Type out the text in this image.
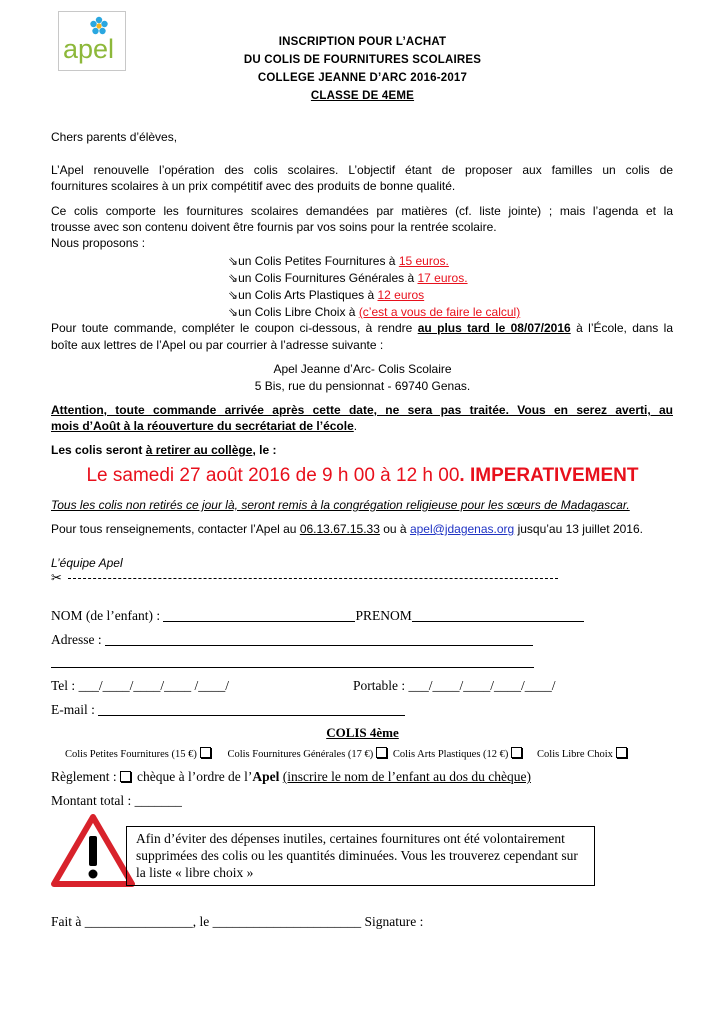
apel	INSCRIPTION POUR L’ACHAT
DU COLIS DE FOURNITURES SCOLAIRES
COLLEGE JEANNE D’ARC 2016-2017
CLASSE DE 4EME
Chers parents d’élèves,
L’Apel renouvelle l’opération des colis scolaires. L’objectif étant de proposer aux familles un colis de
fournitures scolaires à un prix compétitif avec des produits de bonne qualité.
Ce colis comporte les fournitures scolaires demandées par matières (cf. liste jointe) ; mais l’agenda et la
trousse avec son contenu doivent être fournis par vos soins pour la rentrée scolaire.
Nous proposons :
⇘un Colis Petites Fournitures à 15 euros.
⇘un Colis Fournitures Générales à 17 euros.
⇘un Colis Arts Plastiques à 12 euros
⇘un Colis Libre Choix à (c’est a vous de faire le calcul)
Pour toute commande, compléter le coupon ci-dessous, à rendre au plus tard le 08/07/2016 à l’École, dans la
boîte aux lettres de l’Apel ou par courrier à l’adresse suivante :
Apel Jeanne d’Arc- Colis Scolaire
5 Bis, rue du pensionnat - 69740 Genas.
Attention, toute commande arrivée après cette date, ne sera pas traitée. Vous en serez averti, au
mois d’Août à la réouverture du secrétariat de l’école.
Les colis seront à retirer au collège, le :
Le samedi 27 août 2016 de 9 h 00 à 12 h 00. IMPERATIVEMENT
Tous les colis non retirés ce jour là, seront remis à la congrégation religieuse pour les sœurs de Madagascar.
Pour tous renseignements, contacter l’Apel au 06.13.67.15.33 ou à apel@jdagenas.org jusqu’au 13 juillet 2016.
L’équipe Apel
✂
NOM (de l’enfant) :	PRENOM
Adresse :
Tel : ___/____/____/____ /____/	Portable : ___/____/____/____/____/
E-mail :
COLIS 4ème
Colis Petites Fournitures (15 €)	Colis Fournitures Générales (17 €) Colis Arts Plastiques (12 €)	Colis Libre Choix
Règlement : chèque à l’ordre de l’Apel (inscrire le nom de l’enfant au dos du chèque)
Montant total : _______
Afin d’éviter des dépenses inutiles, certaines fournitures ont été volontairement supprimées des colis ou les quantités diminuées. Vous les trouverez cependant sur la liste « libre choix »
Fait à ________________, le ______________________ Signature :
